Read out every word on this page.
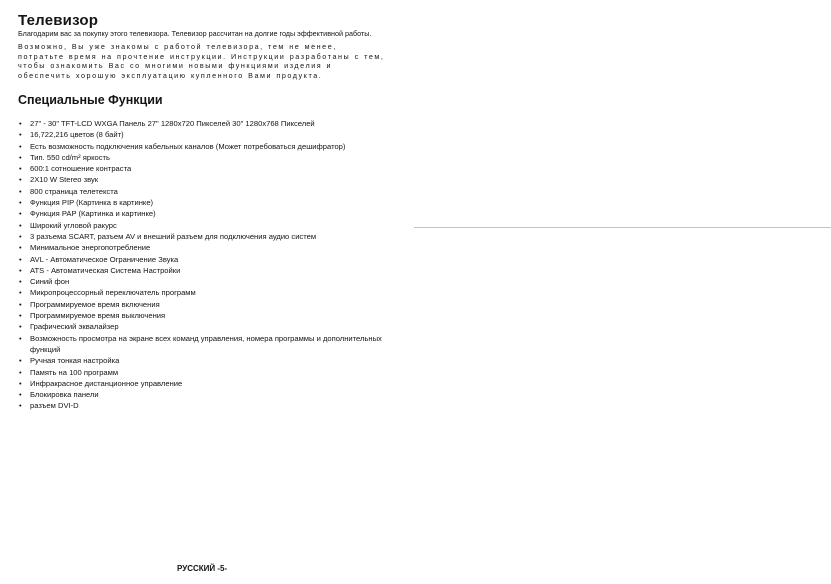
Телевизор

Благодарим вас за покупку этого телевизора. Телевизор рассчитан на долгие годы эффективной работы.

Возможно, Вы уже знакомы с работой телевизора, тем не менее, потратьте время на прочтение инструкции. Инструкции разработаны с тем, чтобы ознакомить Вас со многими новыми функциями изделия и обеспечить хорошую эксплуатацию купленного Вами продукта.

Специальные Функции
• 27" - 30" TFT-LCD WXGA Панель 27" 1280x720 Пикселей 30" 1280x768 Пикселей
• 16,722,216 цветов (8 байт)
• Есть возможность подключения кабельных каналов (Может потребоваться дешифратор)
• Тип. 550 cd/m² яркость
• 600:1 сотношение контраста
• 2X10 W Stereo звук
• 800 страница телетекста
• Функция PIP (Картинка в картинке)
• Функция PAP (Картинка и картинке)
• Широкий угловой ракурс
• 3 разъема SCART, разъем AV и внешний разъем для подключения аудио систем
• Минимальное энергопотребление
• AVL - Автоматическое Ограничение Звука
• ATS - Автоматическая Система Настройки
• Синий фон
• Микропроцессорный переключатель программ
• Программируемое время включения
• Программируемое время выключения
• Графический эквалайзер
• Возможность просмотра на экране всех команд управления, номера программы и дополнительных функций
• Ручная тонкая настройка
• Память на 100 программ
• Инфракрасное дистанционное управление
• Блокировка панели
• разъем DVI-D
РУССКИЙ -5-
